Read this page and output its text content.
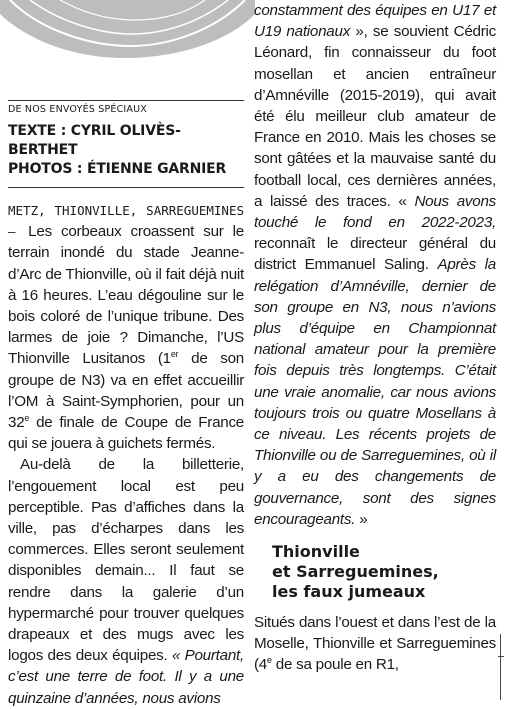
DE NOS ENVOYÉS SPÉCIAUX
TEXTE : CYRIL OLIVÈS-BERTHET
PHOTOS : ÉTIENNE GARNIER

METZ, THIONVILLE, SARREGUEMINES – Les corbeaux croassent sur le terrain inondé du stade Jeanne-d’Arc de Thionville, où il fait déjà nuit à 16 heures. L’eau dégouline sur le bois coloré de l’unique tribune. Des larmes de joie ? Dimanche, l’US Thionville Lusitanos (1er de son groupe de N3) va en effet accueillir l’OM à Saint-Symphorien, pour un 32e de finale de Coupe de France qui se jouera à guichets fermés.

Au-delà de la billetterie, l’engouement local est peu perceptible. Pas d’affiches dans la ville, pas d’écharpes dans les commerces. Elles seront seulement disponibles demain... Il faut se rendre dans la galerie d’un hypermarché pour trouver quelques drapeaux et des mugs avec les logos des deux équipes. « Pourtant, c’est une terre de foot. Il y a une quinzaine d’années, nous avions

constamment des équipes en U17 et U19 nationaux », se souvient Cédric Léonard, fin connaisseur du foot mosellan et ancien entraîneur d’Amnéville (2015-2019), qui avait été élu meilleur club amateur de France en 2010. Mais les choses se sont gâtées et la mauvaise santé du football local, ces dernières années, a laissé des traces. « Nous avons touché le fond en 2022-2023, reconnaît le directeur général du district Emmanuel Saling. Après la relégation d’Amnéville, dernier de son groupe en N3, nous n’avions plus d’équipe en Championnat national amateur pour la première fois depuis très longtemps. C’était une vraie anomalie, car nous avions toujours trois ou quatre Mosellans à ce niveau. Les récents projets de Thionville ou de Sarreguemines, où il y a eu des changements de gouvernance, sont des signes encourageants. »

Thionville
et Sarreguemines,
les faux jumeaux

Situés dans l’ouest et dans l’est de la Moselle, Thionville et Sarreguemines (4e de sa poule en R1,
